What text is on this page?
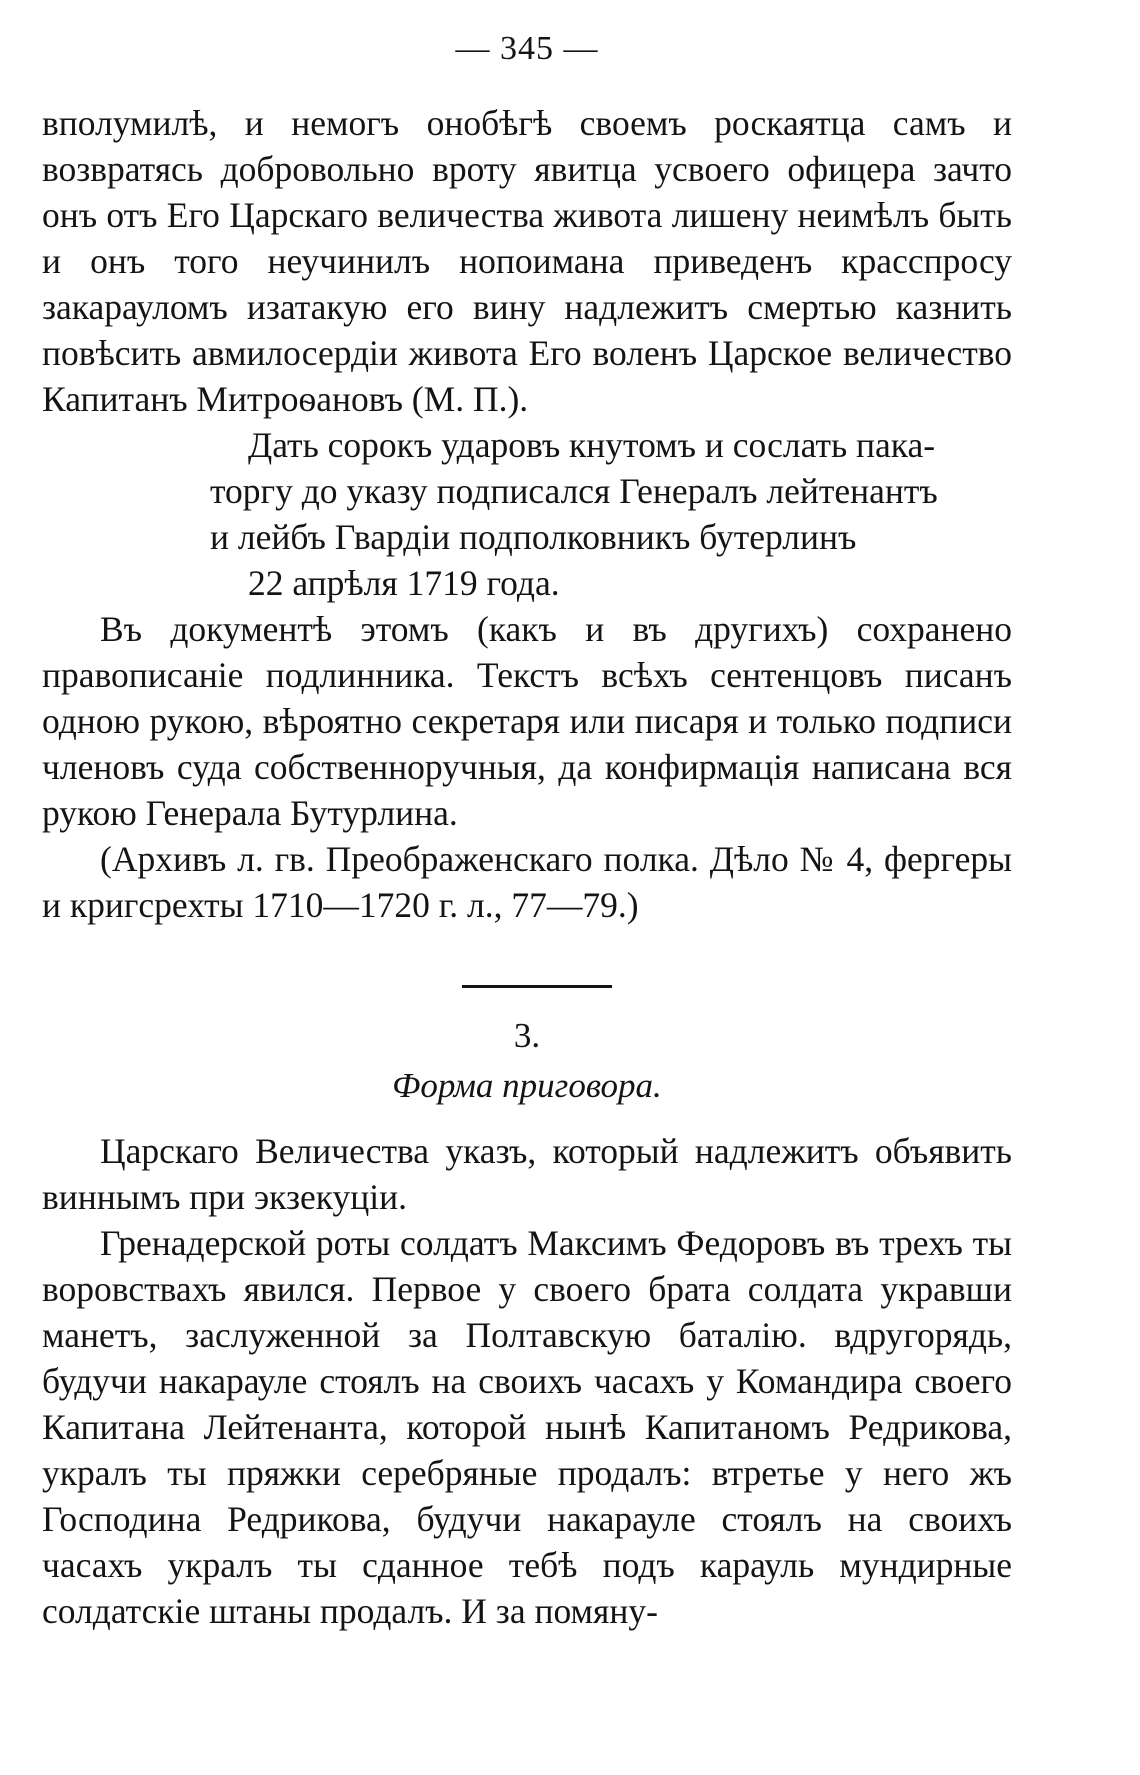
— 345 —

вполумилѣ, и немогъ онобѣгѣ своемъ роскаятца самъ и возвратясь добровольно вроту явитца усвоего офицера зачто онъ отъ Его Царскаго величества живота лишену неимѣлъ быть и онъ того неучинилъ нопоимана приведенъ красспросу закарауломъ изатакую его вину надлежитъ смертью казнить повѣсить авмилосердіи живота Его воленъ Царское величество Капитанъ Митроѳановъ (М. П.).

Дать сорокъ ударовъ кнутомъ и сослать пака-
торгу до указу подписался Генералъ лейтенантъ
и лейбъ Гвардіи подполковникъ бутерлинъ
22 апрѣля 1719 года.

Въ документѣ этомъ (какъ и въ другихъ) сохранено правописаніе подлинника. Текстъ всѣхъ сентенцовъ писанъ одною рукою, вѣроятно секретаря или писаря и только подписи членовъ суда собственноручныя, да конфирмація написана вся рукою Генерала Бутурлина.

(Архивъ л. гв. Преображенскаго полка. Дѣло № 4, фергеры и кригсрехты 1710—1720 г. л., 77—79.)

3.
Форма приговора.

Царскаго Величества указъ, который надлежитъ объявить виннымъ при экзекуціи.

Гренадерской роты солдатъ Максимъ Федоровъ въ трехъ ты воровствахъ явился. Первое у своего брата солдата укравши манетъ, заслуженной за Полтавскую баталію. вдругорядь, будучи накарауле стоялъ на своихъ часахъ у Командира своего Капитана Лейтенанта, которой нынѣ Капитаномъ Редрикова, укралъ ты пряжки серебряные продалъ: втретье у него жъ Господина Редрикова, будучи накарауле стоялъ на своихъ часахъ укралъ ты сданное тебѣ подъ карауль мундирные солдатскіе штаны продалъ. И за помяну-
